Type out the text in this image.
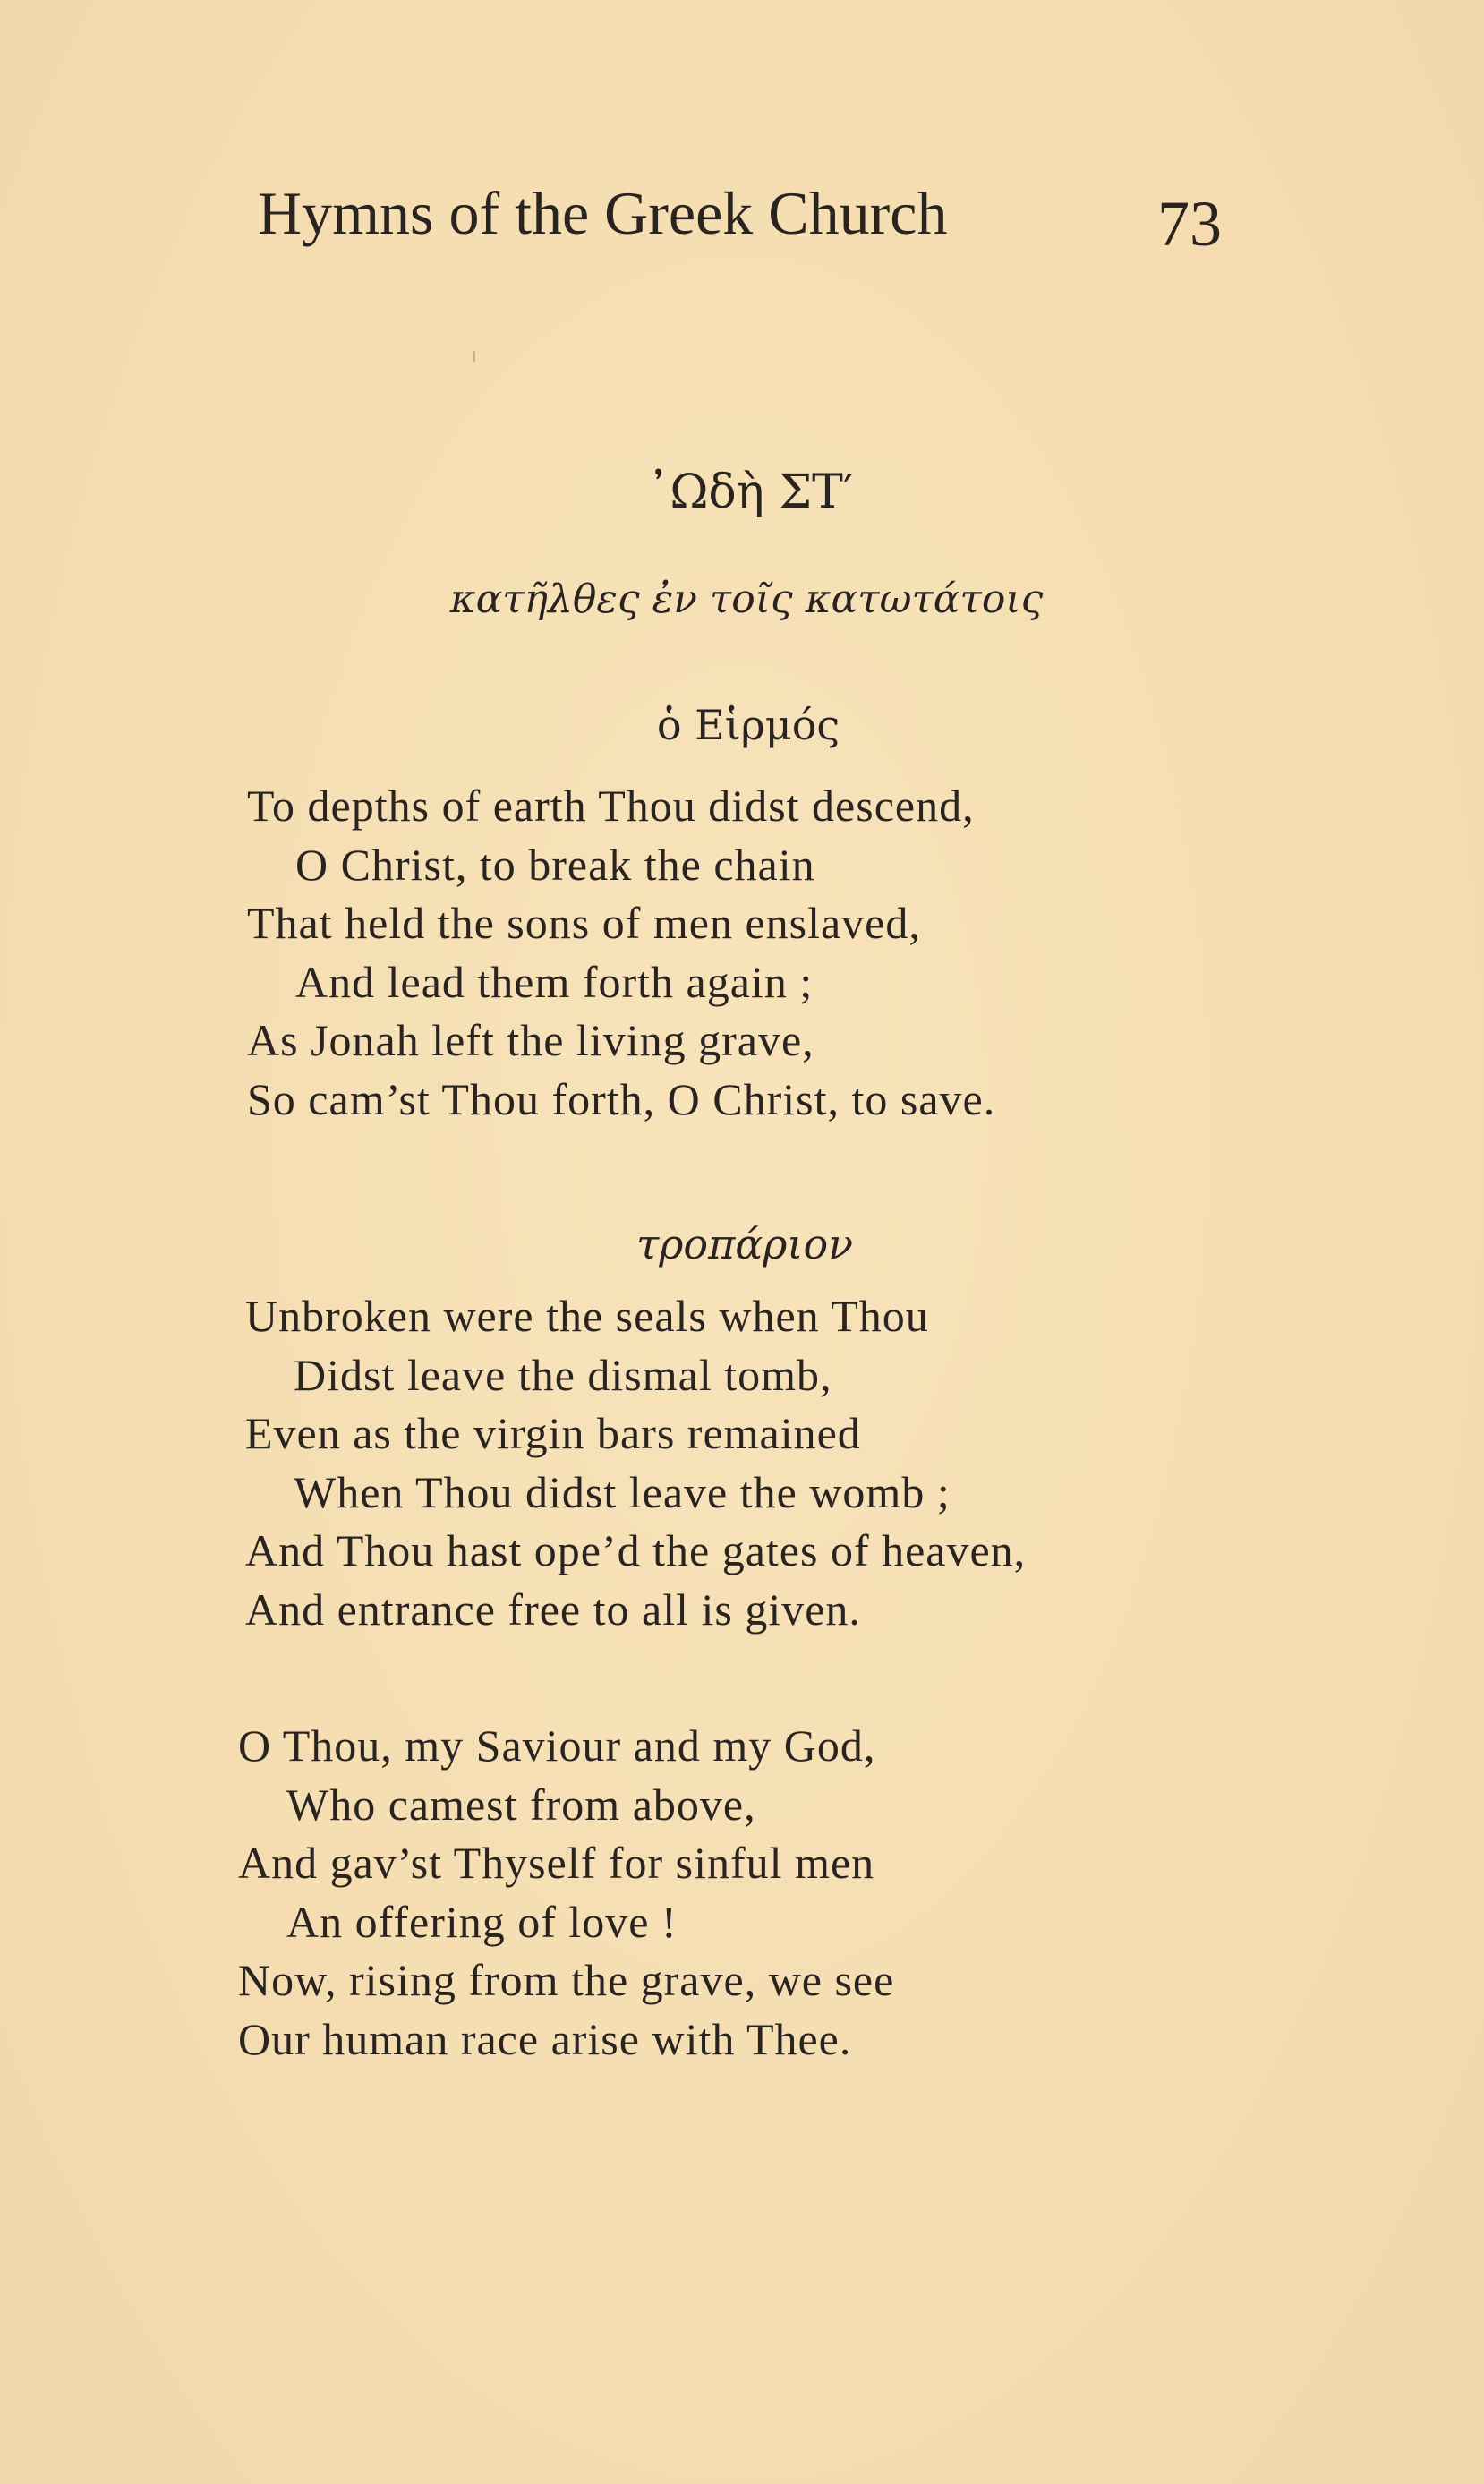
Hymns of the Greek Church	73
᾿Ωδὴ ΣΤ′
κατῆλθες ἐν τοῖς κατωτάτοις
ὁ Εἱρμός
To depths of earth Thou didst descend,
O Christ, to break the chain
That held the sons of men enslaved,
And lead them forth again ;
As Jonah left the living grave,
So cam’st Thou forth, O Christ, to save.
τροπάριον
Unbroken were the seals when Thou
Didst leave the dismal tomb,
Even as the virgin bars remained
When Thou didst leave the womb ;
And Thou hast ope’d the gates of heaven,
And entrance free to all is given.
O Thou, my Saviour and my God,
Who camest from above,
And gav’st Thyself for sinful men
An offering of love !
Now, rising from the grave, we see
Our human race arise with Thee.
